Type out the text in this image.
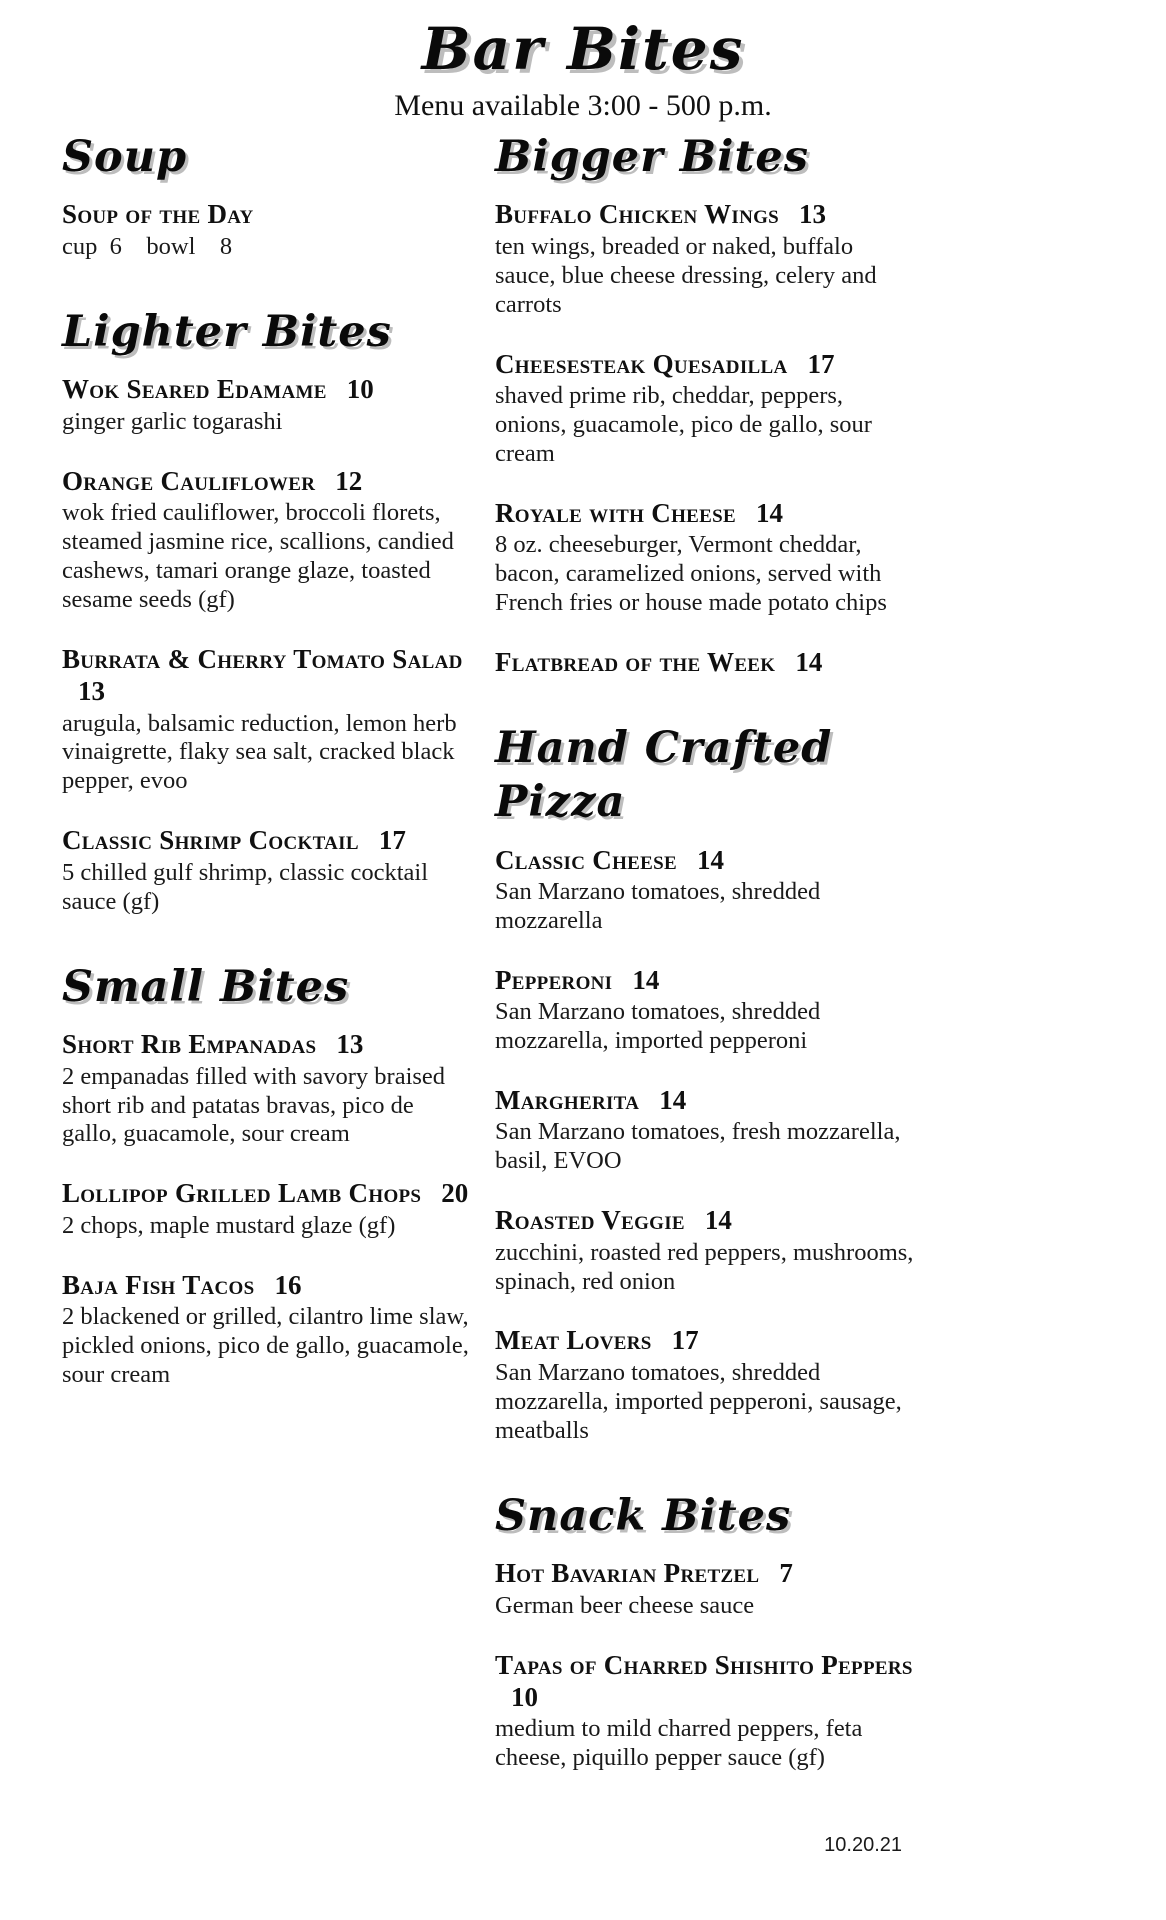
Bar Bites
Menu available 3:00 - 500 p.m.
Soup
Soup of the Day
cup  6    bowl    8
Lighter Bites
Wok Seared Edamame 10
ginger garlic togarashi
Orange Cauliflower 12
wok fried cauliflower, broccoli florets, steamed jasmine rice, scallions, candied cashews, tamari orange glaze, toasted sesame seeds (gf)
Burrata & Cherry Tomato Salad 13
arugula, balsamic reduction, lemon herb vinaigrette, flaky sea salt, cracked black pepper, evoo
Classic Shrimp Cocktail 17
5 chilled gulf shrimp, classic cocktail sauce (gf)
Small Bites
Short Rib Empanadas 13
2 empanadas filled with savory braised short rib and patatas bravas, pico de gallo, guacamole, sour cream
Lollipop Grilled Lamb Chops 20
2 chops, maple mustard glaze (gf)
Baja Fish Tacos 16
2 blackened or grilled, cilantro lime slaw, pickled onions, pico de gallo, guacamole, sour cream
Bigger Bites
Buffalo Chicken Wings 13
ten wings, breaded or naked, buffalo sauce, blue cheese dressing, celery and carrots
Cheesesteak Quesadilla 17
shaved prime rib, cheddar, peppers, onions, guacamole, pico de gallo, sour cream
Royale with Cheese 14
8 oz. cheeseburger, Vermont cheddar, bacon, caramelized onions, served with French fries or house made potato chips
Flatbread of the Week 14
Hand Crafted Pizza
Classic Cheese 14
San Marzano tomatoes, shredded mozzarella
Pepperoni 14
San Marzano tomatoes, shredded mozzarella, imported pepperoni
Margherita 14
San Marzano tomatoes, fresh mozzarella, basil, EVOO
Roasted Veggie 14
zucchini, roasted red peppers, mushrooms, spinach, red onion
Meat Lovers 17
San Marzano tomatoes, shredded mozzarella, imported pepperoni, sausage, meatballs
Snack Bites
Hot Bavarian Pretzel 7
German beer cheese sauce
Tapas of Charred Shishito Peppers 10
medium to mild charred peppers, feta cheese, piquillo pepper sauce (gf)
10.20.21
